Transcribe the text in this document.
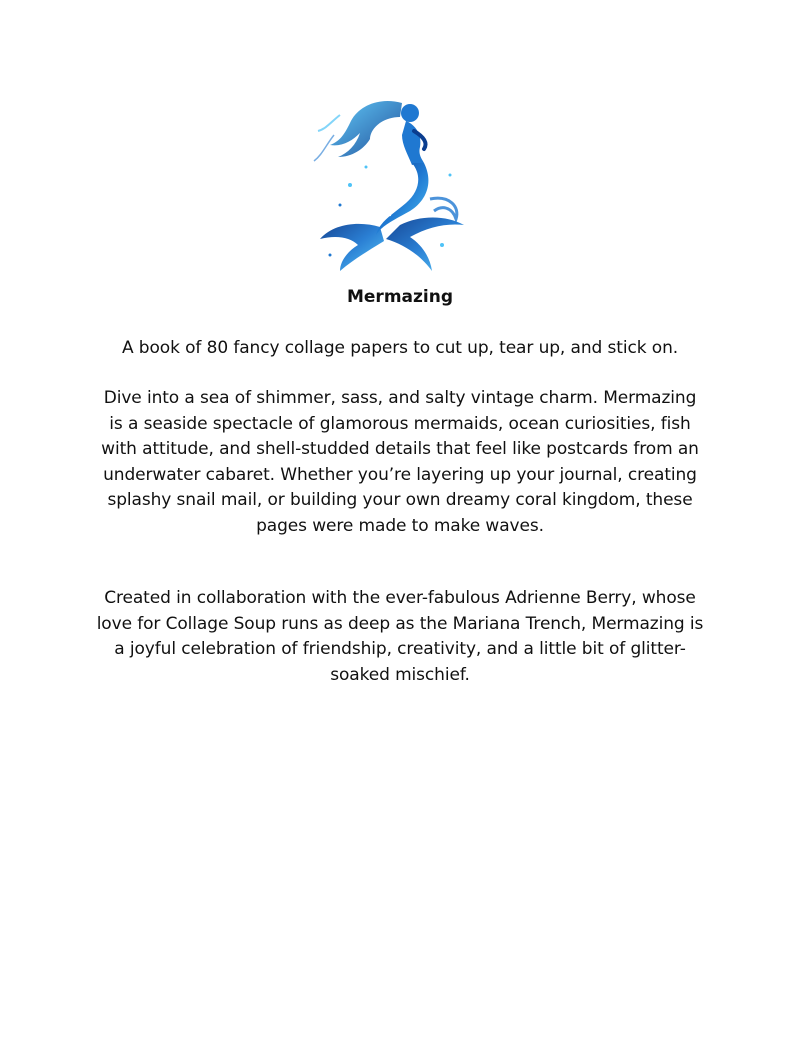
Mermazing
A book of 80 fancy collage papers to cut up, tear up, and stick on.
Dive into a sea of shimmer, sass, and salty vintage charm. Mermazing is a seaside spectacle of glamorous mermaids, ocean curiosities, fish with attitude, and shell-studded details that feel like postcards from an underwater cabaret. Whether you’re layering up your journal, creating splashy snail mail, or building your own dreamy coral kingdom, these pages were made to make waves.
Created in collaboration with the ever-fabulous Adrienne Berry, whose love for Collage Soup runs as deep as the Mariana Trench, Mermazing is a joyful celebration of friendship, creativity, and a little bit of glitter-soaked mischief.
